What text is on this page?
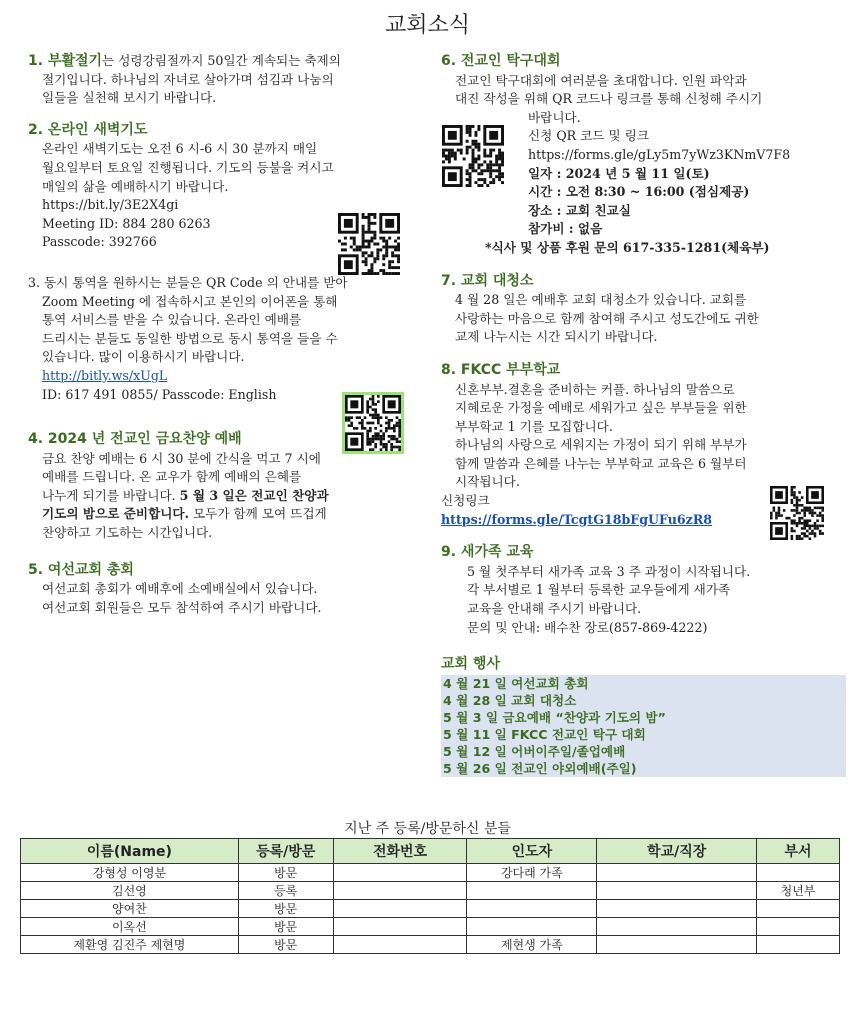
교회소식
1. 부활절기는 성령강림절까지 50일간 계속되는 축제의
절기입니다. 하나님의 자녀로 살아가며 섬김과 나눔의
일들을 실천해 보시기 바랍니다.
2. 온라인 새벽기도
온라인 새벽기도는 오전 6 시-6 시 30 분까지 매일
월요일부터 토요일 진행됩니다. 기도의 등불을 켜시고
매일의 삶을 예배하시기 바랍니다.
https://bit.ly/3E2X4gi
Meeting ID: 884 280 6263
Passcode: 392766
3. 동시 통역을 원하시는 분들은 QR Code 의 안내를 받아
Zoom Meeting 에 접속하시고 본인의 이어폰을 통해
통역 서비스를 받을 수 있습니다. 온라인 예배를
드리시는 분들도 동일한 방법으로 동시 통역을 들을 수
있습니다. 많이 이용하시기 바랍니다.
http://bitly.ws/xUgL
ID: 617 491 0855/ Passcode: English
4. 2024 년 전교인 금요찬양 예배
금요 찬양 예배는 6 시 30 분에 간식을 먹고 7 시에
예배를 드립니다. 온 교우가 함께 예배의 은혜를
나누게 되기를 바랍니다. 5 월 3 일은 전교인 찬양과
기도의 밤으로 준비합니다. 모두가 함께 모여 뜨겁게
찬양하고 기도하는 시간입니다.
5. 여선교회 총회
여선교회 총회가 예배후에 소예배실에서 있습니다.
여선교회 회원들은 모두 참석하여 주시기 바랍니다.
6. 전교인 탁구대회
전교인 탁구대회에 여러분을 초대합니다. 인원 파악과
대진 작성을 위해 QR 코드나 링크를 통해 신청해 주시기
바랍니다.
신청 QR 코드 및 링크
https://forms.gle/gLy5m7yWz3KNmV7F8
일자 : 2024 년 5 월 11 일(토)
시간 : 오전 8:30 ~ 16:00 (점심제공)
장소 : 교회 친교실
참가비 : 없음
*식사 및 상품 후원 문의 617-335-1281(체육부)
7. 교회 대청소
4 월 28 일은 예배후 교회 대청소가 있습니다. 교회를
사랑하는 마음으로 함께 참여해 주시고 성도간에도 귀한
교제 나누시는 시간 되시기 바랍니다.
8. FKCC 부부학교
신혼부부.결혼을 준비하는 커플. 하나님의 말씀으로
지혜로운 가정을 예배로 세워가고 싶은 부부들을 위한
부부학교 1 기를 모집합니다.
하나님의 사랑으로 세워지는 가정이 되기 위해 부부가
함께 말씀과 은혜를 나누는 부부학교 교육은 6 월부터
시작됩니다.
신청링크
https://forms.gle/TcgtG18bFgUFu6zR8
9. 새가족 교육
5 월 첫주부터 새가족 교육 3 주 과정이 시작됩니다.
각 부서별로 1 월부터 등록한 교우들에게 새가족
교육을 안내해 주시기 바랍니다.
문의 및 안내: 배수찬 장로(857-869-4222)
교회 행사
4 월 21 일 여선교회 총회
4 월 28 일 교회 대청소
5 월 3 일 금요예배 “찬양과 기도의 밤”
5 월 11 일 FKCC 전교인 탁구 대회
5 월 12 일 어버이주일/졸업예배
5 월 26 일 전교인 야외예배(주일)
지난 주 등록/방문하신 분들
이름(Name)	등록/방문	전화번호	인도자	학교/직장	부서
강형성 이영분	방문		강다래 가족		
김선영	등록				청년부
양여찬	방문				
이옥선	방문				
제환영 김진주 제현명	방문		제현생 가족		
